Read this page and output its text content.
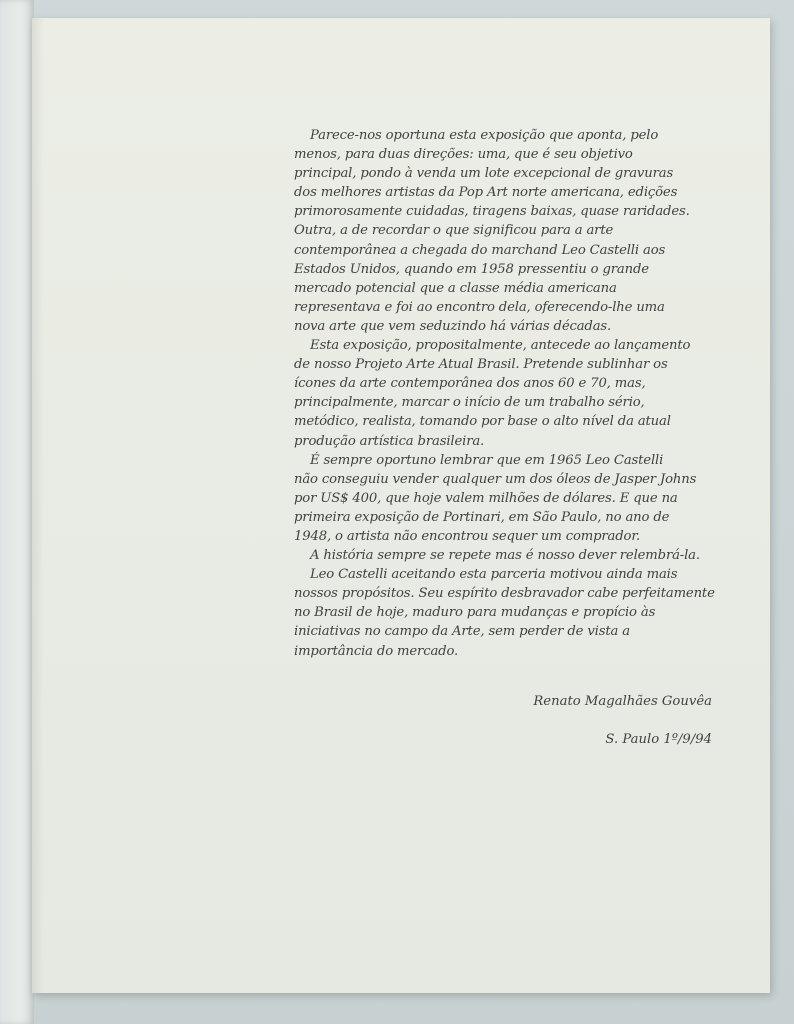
Parece-nos oportuna esta exposição que aponta, pelo
menos, para duas direções: uma, que é seu objetivo
principal, pondo à venda um lote excepcional de gravuras
dos melhores artistas da Pop Art norte americana, edições
primorosamente cuidadas, tiragens baixas, quase raridades.
Outra, a de recordar o que significou para a arte
contemporânea a chegada do marchand Leo Castelli aos
Estados Unidos, quando em 1958 pressentiu o grande
mercado potencial que a classe média americana
representava e foi ao encontro dela, oferecendo-lhe uma
nova arte que vem seduzindo há várias décadas.
Esta exposição, propositalmente, antecede ao lançamento
de nosso Projeto Arte Atual Brasil. Pretende sublinhar os
ícones da arte contemporânea dos anos 60 e 70, mas,
principalmente, marcar o início de um trabalho sério,
metódico, realista, tomando por base o alto nível da atual
produção artística brasileira.
É sempre oportuno lembrar que em 1965 Leo Castelli
não conseguiu vender qualquer um dos óleos de Jasper Johns
por US$ 400, que hoje valem milhões de dólares. E que na
primeira exposição de Portinari, em São Paulo, no ano de
1948, o artista não encontrou sequer um comprador.
A história sempre se repete mas é nosso dever relembrá-la.
Leo Castelli aceitando esta parceria motivou ainda mais
nossos propósitos. Seu espírito desbravador cabe perfeitamente
no Brasil de hoje, maduro para mudanças e propício às
iniciativas no campo da Arte, sem perder de vista a
importância do mercado.
Renato Magalhães Gouvêa
S. Paulo 1º/9/94
